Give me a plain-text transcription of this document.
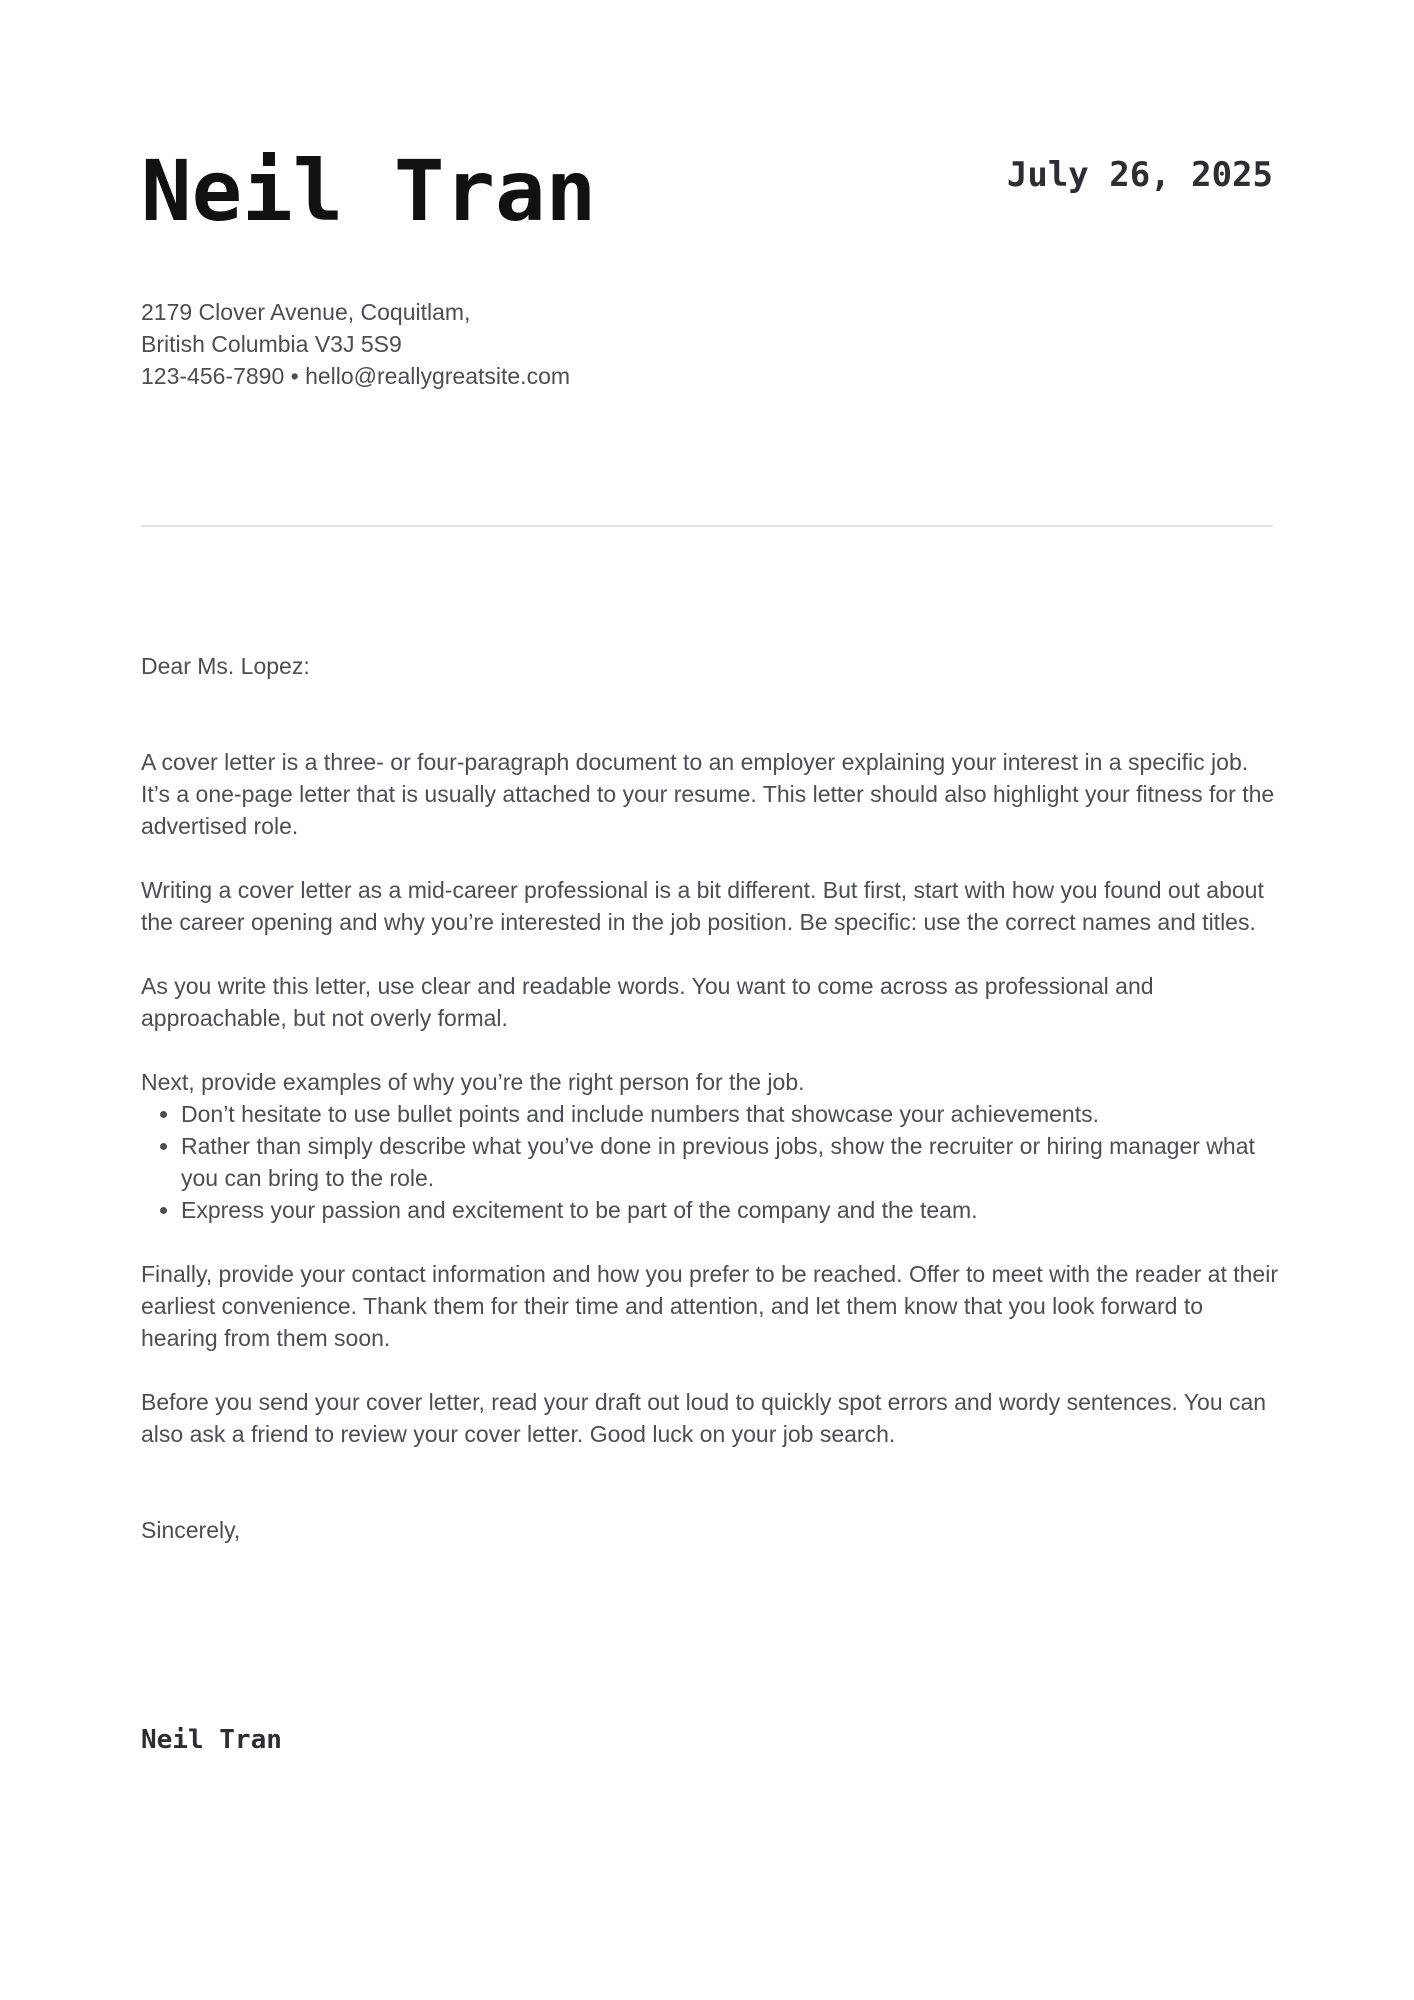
Neil Tran	July 26, 2025
2179 Clover Avenue, Coquitlam,
British Columbia V3J 5S9
123-456-7890 • hello@reallygreatsite.com

Dear Ms. Lopez:

A cover letter is a three- or four-paragraph document to an employer explaining your interest in a specific job. It’s a one-page letter that is usually attached to your resume. This letter should also highlight your fitness for the advertised role.

Writing a cover letter as a mid-career professional is a bit different. But first, start with how you found out about the career opening and why you’re interested in the job position. Be specific: use the correct names and titles.

As you write this letter, use clear and readable words. You want to come across as professional and approachable, but not overly formal.

Next, provide examples of why you’re the right person for the job.

• Don’t hesitate to use bullet points and include numbers that showcase your achievements.
• Rather than simply describe what you’ve done in previous jobs, show the recruiter or hiring manager what you can bring to the role.
• Express your passion and excitement to be part of the company and the team.

Finally, provide your contact information and how you prefer to be reached. Offer to meet with the reader at their earliest convenience. Thank them for their time and attention, and let them know that you look forward to hearing from them soon.

Before you send your cover letter, read your draft out loud to quickly spot errors and wordy sentences. You can also ask a friend to review your cover letter. Good luck on your job search.

Sincerely,

Neil Tran
